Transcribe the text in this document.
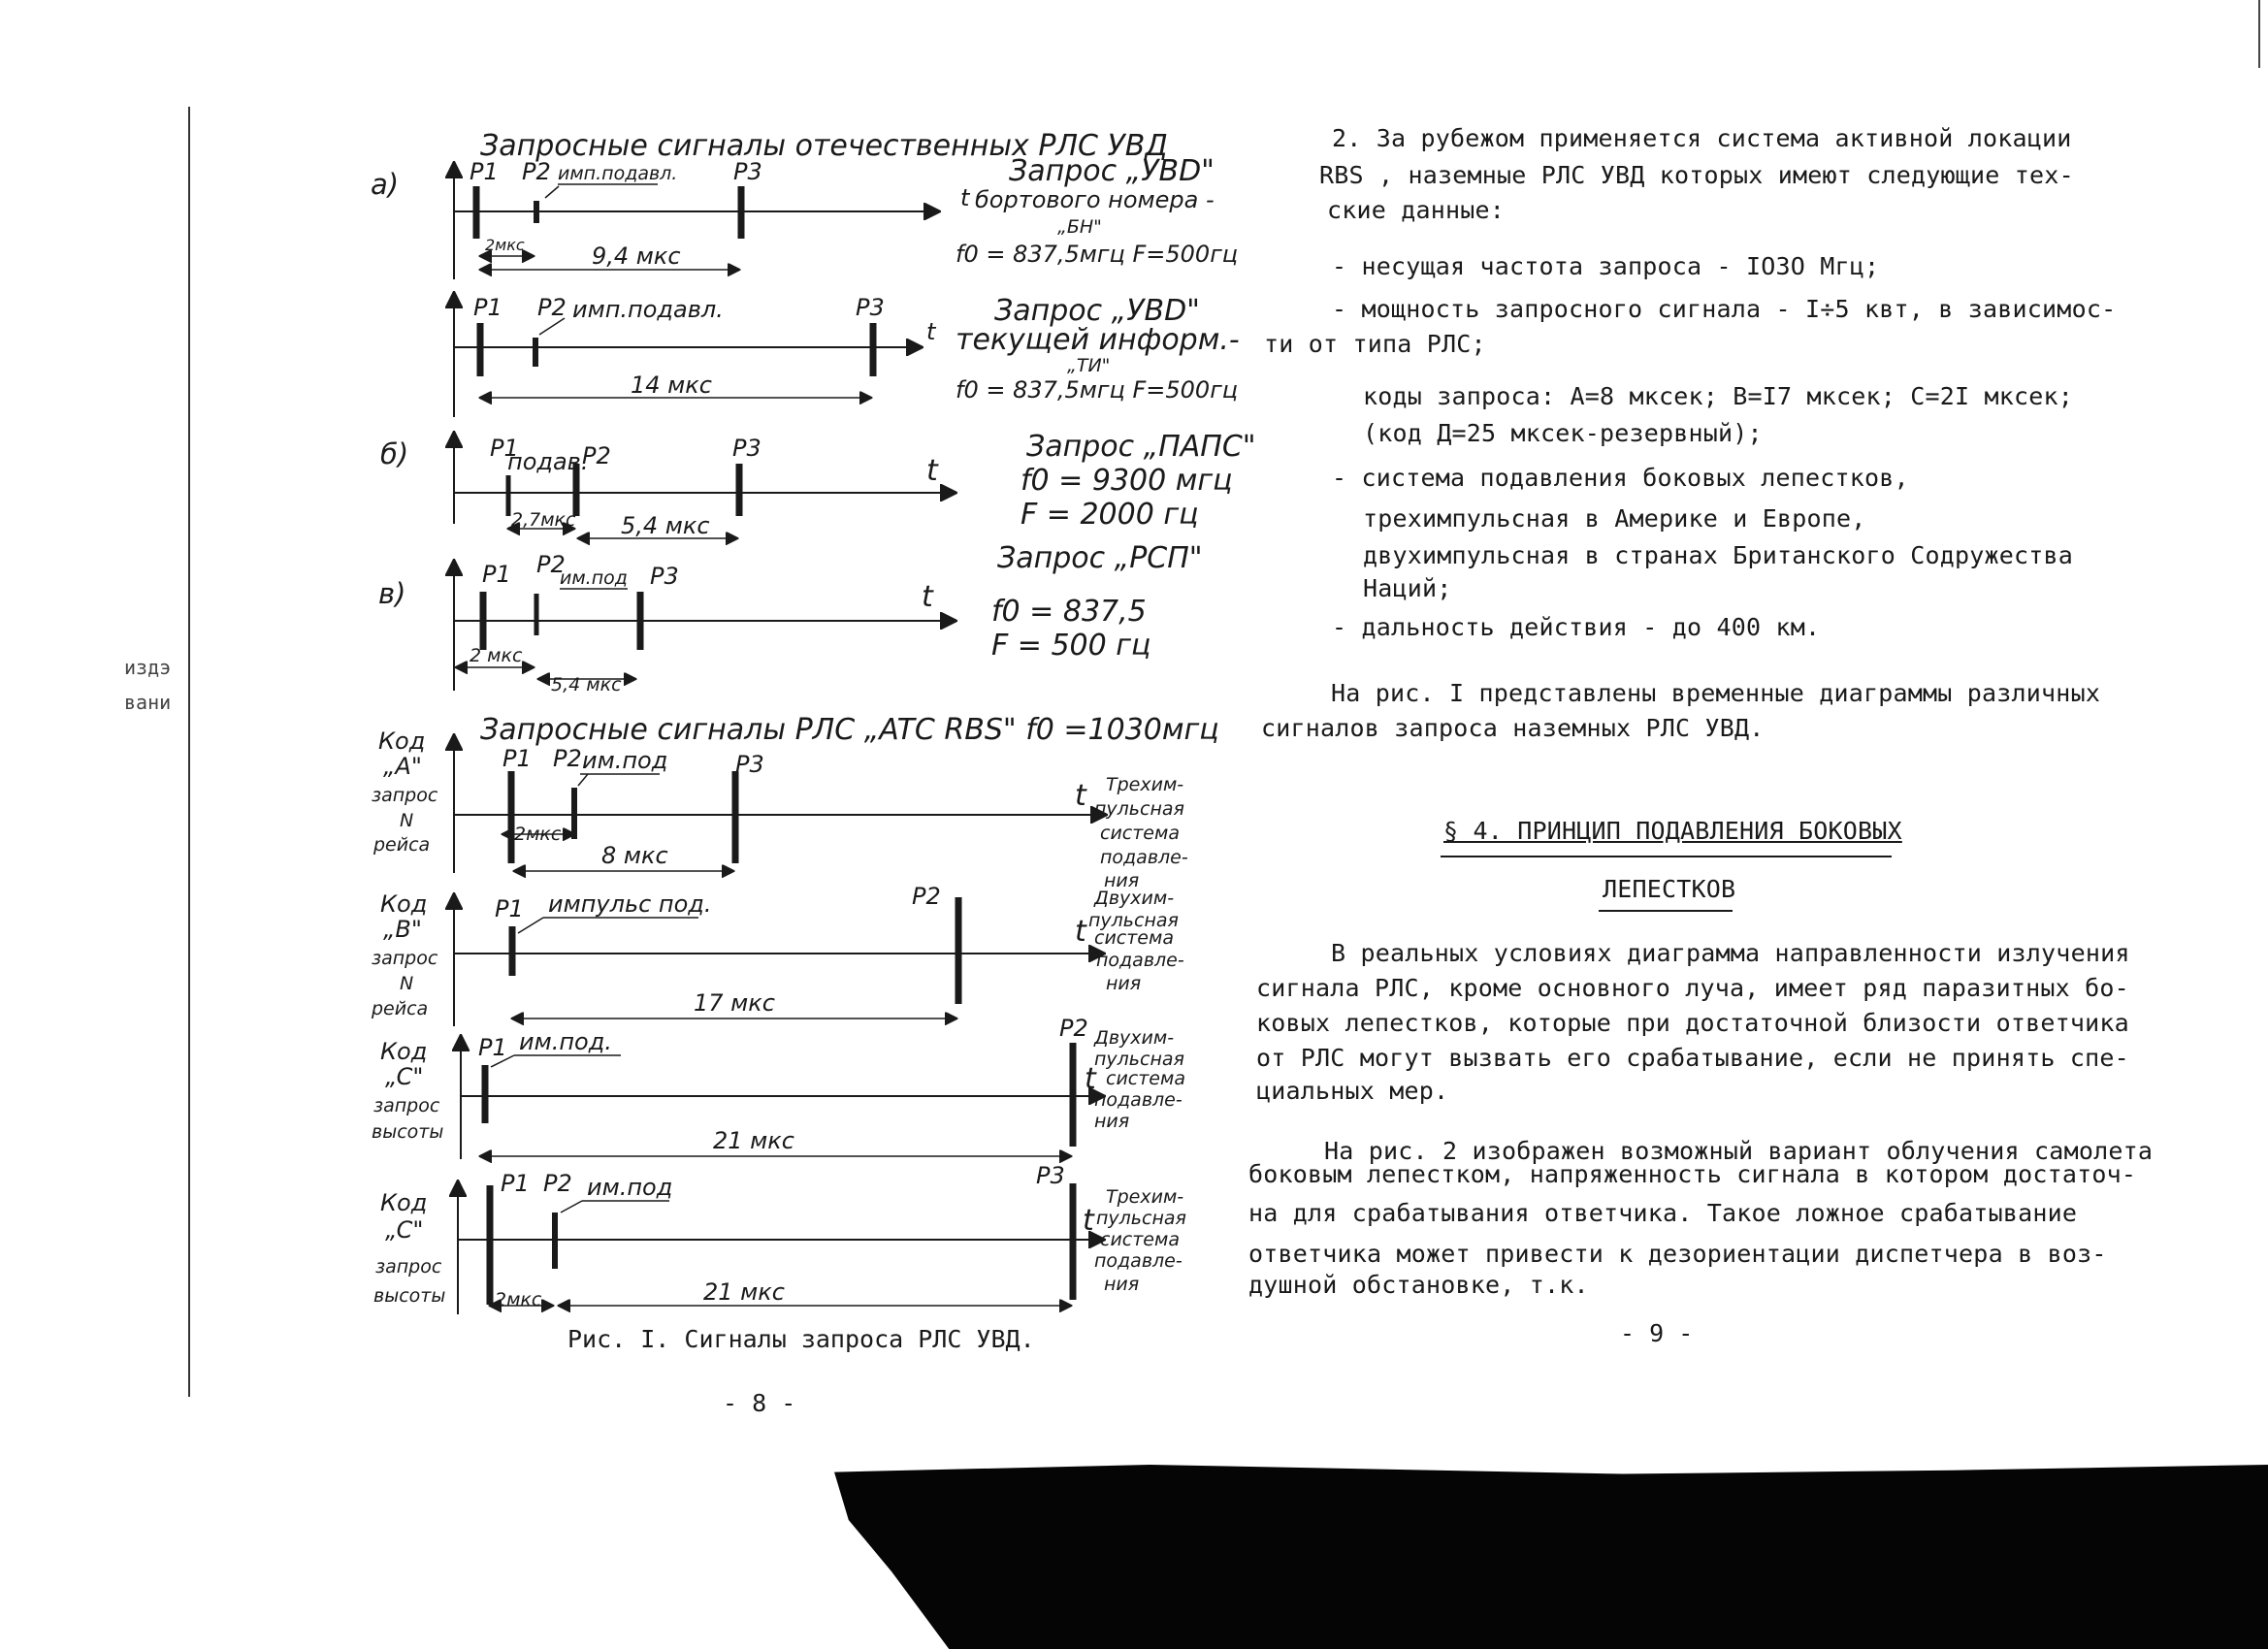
издэ
вани
Запросные сигналы отечественных РЛС УВД
а)	P1 P2	P3
имп.подавл.
2мкс	9,4 мкс
t
Запрос „УВD"
бортового номера -
„БН"
f0 = 837,5мгц F=500гц
P1 P2	P3
имп.подавл.
14 мкс
t
Запрос „УВD"
текущей информ.-
„ТИ"
f0 = 837,5мгц F=500гц
б)	P1	P2	P3
подав.
2,7мкс 5,4 мкс
t
Запрос „ПАПС"
f0 = 9300 мгц
F = 2000 гц
в)
P1 P2	P3
им.под
2 мкс
5,4 мкс
t
Запрос „РСП"
f0 = 837,5
F = 500 гц
Запросные сигналы РЛС „ATC RBS" f0 =1030мгц
Код
„A"
запрос
N
рейса
P1 P2	P3
им.под
2мкс
8 мкс
t Трехим-
пульсная
система
подавле-
ния
Код
„B"
запрос
N
рейса
P1	P2
импульс под.
17 мкс
t
Двухим-
пульсная
система
подавле-
ния
Код
„C"
запрос
высоты
P1
P2
им.под.
21 мкс
t
Двухим-
пульсная
система
подавле-
ния
Код
„C"
запрос
высоты
P1 P2	P3
им.под
2мкс	21 мкс
t
Трехим-
пульсная
система
подавле-
ния
Рис. I. Сигналы запроса РЛС УВД.
- 8 -
2. За рубежом применяется система активной локации
RBS , наземные РЛС УВД которых имеют следующие тех-
ские данные:
- несущая частота запроса - IO3O Мгц;
- мощность запросного сигнала - I÷5 квт, в зависимос-
ти от типа РЛС;
коды запроса: А=8 мксек; В=I7 мксек; С=2I мксек;
(код Д=25 мксек-резервный);
- система подавления боковых лепестков,
трехимпульсная в Америке и Европе,
двухимпульсная в странах Британского Содружества
Наций;
- дальность действия - до 400 км.
На рис. I представлены временные диаграммы различных
сигналов запроса наземных РЛС УВД.
§ 4. ПРИНЦИП ПОДАВЛЕНИЯ БОКОВЫХ
ЛЕПЕСТКОВ
В реальных условиях диаграмма направленности излучения
сигнала РЛС, кроме основного луча, имеет ряд паразитных бо-
ковых лепестков, которые при достаточной близости ответчика
от РЛС могут вызвать его срабатывание, если не принять спе-
циальных мер.
На рис. 2 изображен возможный вариант облучения самолета
боковым лепестком, напряженность сигнала в котором достаточ-
на для срабатывания ответчика. Такое ложное срабатывание
ответчика может привести к дезориентации диспетчера в воз-
душной обстановке, т.к.
- 9 -
